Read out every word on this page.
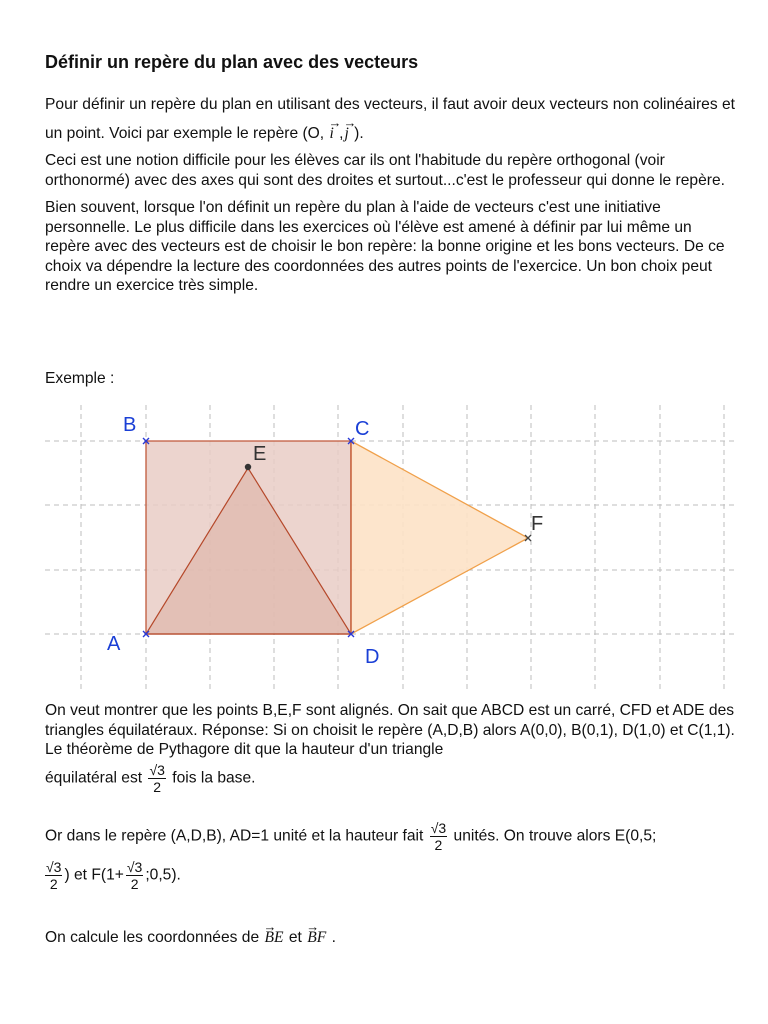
Définir un repère du plan avec des vecteurs

Pour définir un repère du plan en utilisant des vecteurs, il faut avoir deux vecteurs non colinéaires et un point. Voici par exemple le repère (O, → i ,→ j ).

Ceci est une notion difficile pour les élèves car ils ont l'habitude du repère orthogonal (voir orthonormé) avec des axes qui sont des droites et surtout...c'est le professeur qui donne le repère.

Bien souvent, lorsque l'on définit un repère du plan à l'aide de vecteurs c'est une initiative personnelle. Le plus difficile dans les exercices où l'élève est amené à définir par lui même un repère avec des vecteurs est de choisir le bon repère: la bonne origine et les bons vecteurs. De ce choix va dépendre la lecture des coordonnées des autres points de l'exercice. Un bon choix peut rendre un exercice très simple.

Exemple :

B	C
A
D
E
F

On veut montrer que les points B,E,F sont alignés. On sait que ABCD est un carré, CFD et ADE des triangles équilatéraux. Réponse: Si on choisit le repère (A,D,B) alors A(0,0), B(0,1), D(1,0) et C(1,1). Le théorème de Pythagore dit que la hauteur d'un triangle

équilatéral est $\frac{√3}{2}$ fois la base.

Or dans le repère (A,D,B), AD=1 unité et la hauteur fait $\frac{√3}{2}$ unités. On trouve alors E(0,5;

$\frac{√3}{2}$ ) et $F(1+ \frac{√3}{2}$ ;0,5).

On calcule les coordonnées de → BE et → BF .
